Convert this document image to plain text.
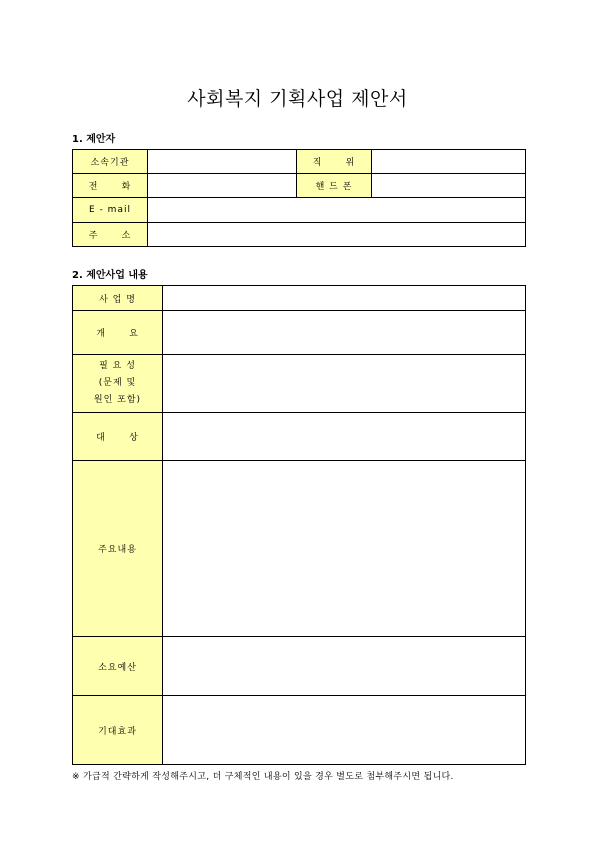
사회복지 기획사업 제안서
1. 제안자
소속기관		직      위	
전      화		핸 드 폰	
E - mail			
주      소			
2. 제안사업 내용
사 업 명	
개      요	
필 요 성
(문제 및
원인 포함)	
대      상	
주요내용	
소요예산	
기대효과	
※ 가급적 간략하게 작성해주시고, 더 구체적인 내용이 있을 경우 별도로 첨부해주시면 됩니다.
